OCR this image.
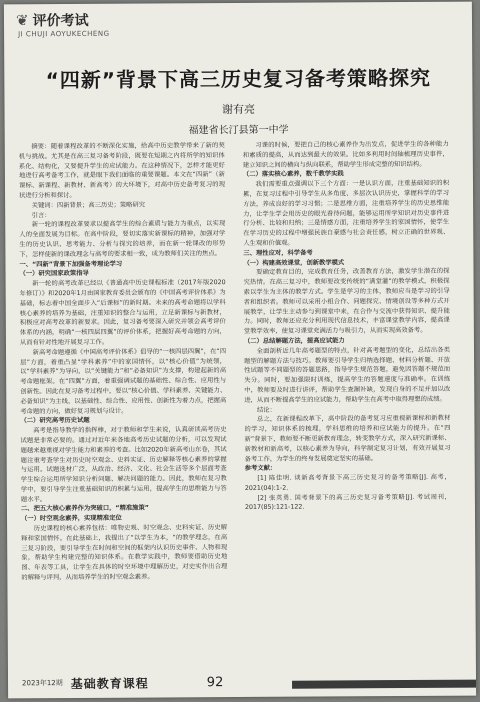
❦ 评价考试
JI CHUJI AOYUKECHENG
“四新”背景下高三历史复习备考策略探究
谢有亮
福建省长汀县第一中学

摘要：随着课程改革的不断深化实施，给高中历史教学带来了新的契机与挑战。尤其是在高三复习备考阶段，既要在短期之内将所学的知识体系化、结构化，又要提升学生的应试能力。在这种情况下，怎样才能更好地进行高考备考工作，就是眼下我们面临的重要课题。本文在“四新”（新课标、新课程、新教材、新高考）的大环境下，对高中历史备考复习的现状进行分析和探讨。

关键词：四新背景；高三历史；策略研究

引言：

新一轮的课程改革要求以提高学生的综合素质与能力为重点，以实现人的全面发展为目标。在高中阶段，要切实落实新课标的精神，加强对学生的历史认识、思考能力、分析与探究的培养，而在新一轮课改的形势下，怎样使新的课改理念与高考的要求相一致，成为教师们关注的焦点。

一、“四新”背景下加强备考理论学习

（一）研究国家政策指导

新一轮的高考改革已经以《普通高中历史课程标准（2017年版2020年修订）》和2020年1月由国家教育委员会颁布的《中国高考评价体系》为基础，标志着中国全面步入“后课标”的新时期。未来的高考命题将以学科核心素养的培养为基础，注重知识的整合与运用，立足新课标与新教材，积极应对高考改革的新要求。因此，复习备考要深入研究并领会高考评价体系的内涵，明确“一核四层四翼”的评价体系，把握好高考命题的方向，从而有针对性地开展复习工作。

新高考命题遵循《中国高考评价体系》倡导的“一核四层四翼”，在“四层”方面，着重凸显“学科素养”中的家国情怀，以“核心价值”为统领，以“学科素养”为导向，以“关键能力”和“必备知识”为支撑，构建起新的高考命题框架。在“四翼”方面，着重强调试题的基础性、综合性、应用性与创新性。因此在复习备考过程中，要以“核心价值、学科素养、关键能力、必备知识”为主线，以基础性、综合性、应用性、创新性为着力点，把握高考命题的方向，做好复习规划与设计。

（二）研究高考历史试题

高考是指导教学的指挥棒，对于教师和学生来说，认真研读高考历史试题是非常必要的。通过对近年来各地高考历史试题的分析，可以发现试题越来越重视对学生能力和素养的考查。比如2020年新高考山东卷，其试题注重考查学生对历史时空观念、史料实证、历史解释等核心素养的掌握与运用。试题选材广泛，从政治、经济、文化、社会生活等多个层面考查学生综合运用所学知识分析问题、解决问题的能力。因此，教师在复习教学中，要引导学生注重基础知识的积累与运用，提高学生的思维能力与答题水平。

二、把五大核心素养作为突破口，“精准施策”

（一）时空观念素养，实现精准定位

历史课程的核心素养包括：唯物史观、时空观念、史料实证、历史解释和家国情怀。在此基础上，我提出了“以学生为本，“的教学理念，在高三复习阶段，要引导学生在时间和空间的框架内认识历史事件、人物和现象，帮助学生构建完整的知识体系。在教学实践中，教师要借助历史地图、年表等工具，让学生在具体的时空环境中理解历史，对史实作出合理的解释与评判，从而培养学生的时空观念素养。

习课的时候，要把自己的核心素养作为出发点，促进学生的各种能力和素质的提高，从而达到最大的效果。比如多利用时间轴梳理历史事件，建立知识之间的横向与纵向联系，帮助学生形成完整的知识结构。

（二）落实核心素养，数千教学实践

我们需要重点强调以下三个方面：一是认识方面，注重基础知识的积累，在复习过程中引导学生从多角度、多层次认识历史，掌握科学的学习方法，养成良好的学习习惯；二是思维方面，注重培养学生的历史思维能力，让学生学会用历史的眼光看待问题，能够运用所学知识对历史事件进行分析、比较和归纳；三是情感方面，注重培养学生的家国情怀，使学生在学习历史的过程中增强民族自豪感与社会责任感，树立正确的世界观、人生观和价值观。

三、理性应对，科学备考

（一）构建高效课堂，创新教学模式

要确定教育目的，完成教育任务，改善教育方法，激发学生潜在的探究热情。在高三复习中，教师要改变传统的“满堂灌”的教学模式，积极探索以学生为主体的教学方式。学生是学习的主体，教师应当是学习的引导者和组织者。教师可以采用小组合作、问题探究、情境创设等多种方式开展教学，让学生主动参与到课堂中来，在合作与交流中获得知识、提升能力。同时，教师还应充分利用现代信息技术，丰富课堂教学内容，提高课堂教学效率，使复习课堂充满活力与吸引力，从而实现高效备考。

（二）总结解题方法，提高应试能力

全面剖析近几年高考题型的特点，针对高考题型的变化，总结出各类题型的解题方法与技巧。教师要引导学生归纳选择题、材料分析题、开放性试题等不同题型的答题思路，指导学生规范答题，避免因答题不规范而失分。同时，要加强限时训练，提高学生的答题速度与准确率。在训练中，教师要及时进行讲评，帮助学生查漏补缺，发现自身的不足并加以改进，从而不断提高学生的应试能力，帮助学生在高考中取得理想的成绩。

结论：

总之，在新课程改革下，高中阶段的备考复习应重视新课标和新教材的学习，知识体系的梳理，学科思维的培养和应试能力的提升。在“四新”背景下，教师要不断更新教育理念，转变教学方式，深入研究新课标、新教材和新高考，以核心素养为导向，科学制定复习计划，有效开展复习备考工作，为学生的终身发展奠定坚实的基础。

参考文献：

[1] 陈佳明. 谈新高考背景下高三历史复习的备考策略[J]. 高考，2021(04):1-2.

[2] 张英勇. 国考背景下的高三历史复习备考策略[J]. 考试周刊，2017(85):121-122.

2023年12期 基础教育课程	92
